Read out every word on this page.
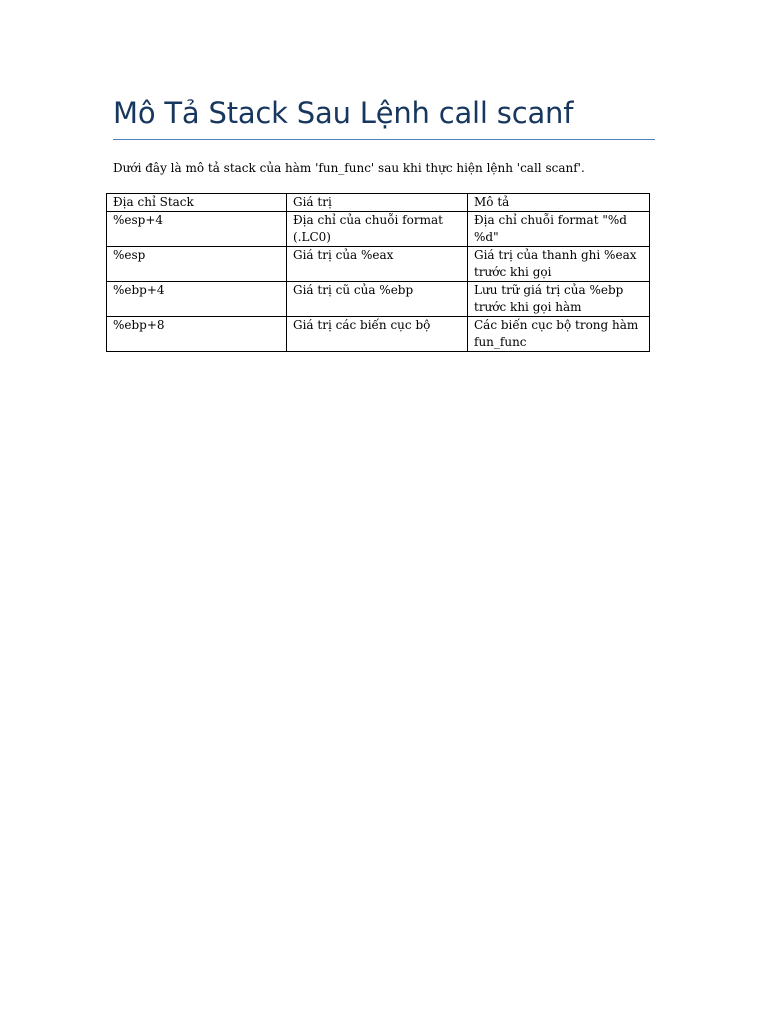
Mô Tả Stack Sau Lệnh call scanf

Dưới đây là mô tả stack của hàm 'fun_func' sau khi thực hiện lệnh 'call scanf'.

Địa chỉ Stack	Giá trị	Mô tả
%esp+4	Địa chỉ của chuỗi format (.LC0)	Địa chỉ chuỗi format "%d %d"
%esp	Giá trị của %eax	Giá trị của thanh ghi %eax trước khi gọi
%ebp+4	Giá trị cũ của %ebp	Lưu trữ giá trị của %ebp trước khi gọi hàm
%ebp+8	Giá trị các biến cục bộ	Các biến cục bộ trong hàm fun_func
